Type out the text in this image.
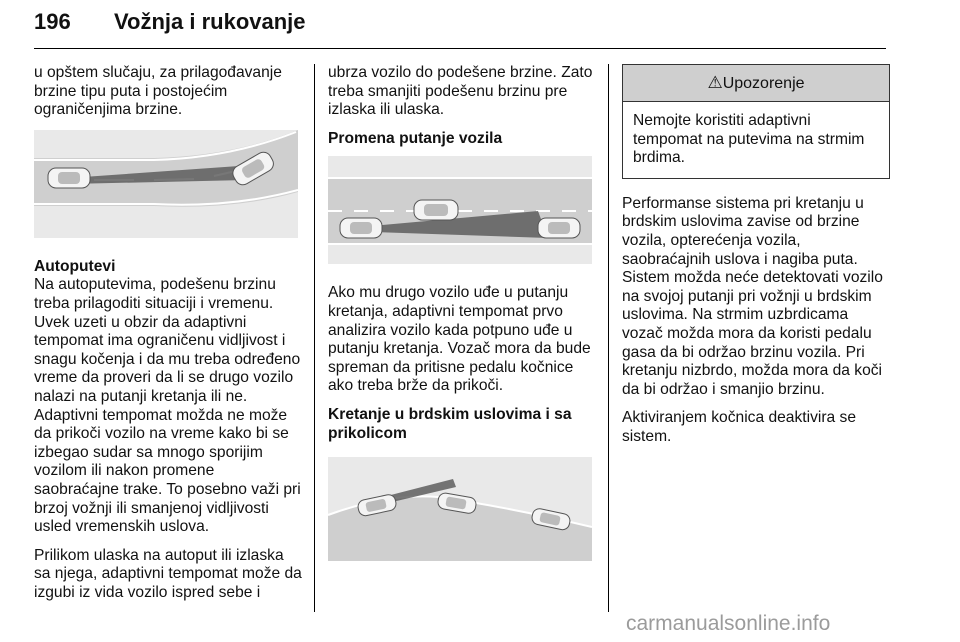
196 Vožnja i rukovanje

u opštem slučaju, za prilagođavanje brzine tipu puta i postojećim ograničenjima brzine.

Autoputevi

Na autoputevima, podešenu brzinu treba prilagoditi situaciji i vremenu. Uvek uzeti u obzir da adaptivni tempomat ima ograničenu vidljivost i snagu kočenja i da mu treba određeno vreme da proveri da li se drugo vozilo nalazi na putanji kretanja ili ne. Adaptivni tempomat možda ne može da prikoči vozilo na vreme kako bi se izbegao sudar sa mnogo sporijim vozilom ili nakon promene saobraćajne trake. To posebno važi pri brzoj vožnji ili smanjenoj vidljivosti usled vremenskih uslova.

Prilikom ulaska na autoput ili izlaska sa njega, adaptivni tempomat može da izgubi iz vida vozilo ispred sebe i

ubrza vozilo do podešene brzine. Zato treba smanjiti podešenu brzinu pre izlaska ili ulaska.

Promena putanje vozila

Ako mu drugo vozilo uđe u putanju kretanja, adaptivni tempomat prvo analizira vozilo kada potpuno uđe u putanju kretanja. Vozač mora da bude spreman da pritisne pedalu kočnice ako treba brže da prikoči.

Kretanje u brdskim uslovima i sa prikolicom
⚠Upozorenje
Nemojte koristiti adaptivni tempomat na putevima na strmim brdima.

Performanse sistema pri kretanju u brdskim uslovima zavise od brzine vozila, opterećenja vozila, saobraćajnih uslova i nagiba puta. Sistem možda neće detektovati vozilo na svojoj putanji pri vožnji u brdskim uslovima. Na strmim uzbrdicama vozač možda mora da koristi pedalu gasa da bi održao brzinu vozila. Pri kretanju nizbrdo, možda mora da koči da bi održao i smanjio brzinu.

Aktiviranjem kočnica deaktivira se sistem.

carmanualsonline.info
